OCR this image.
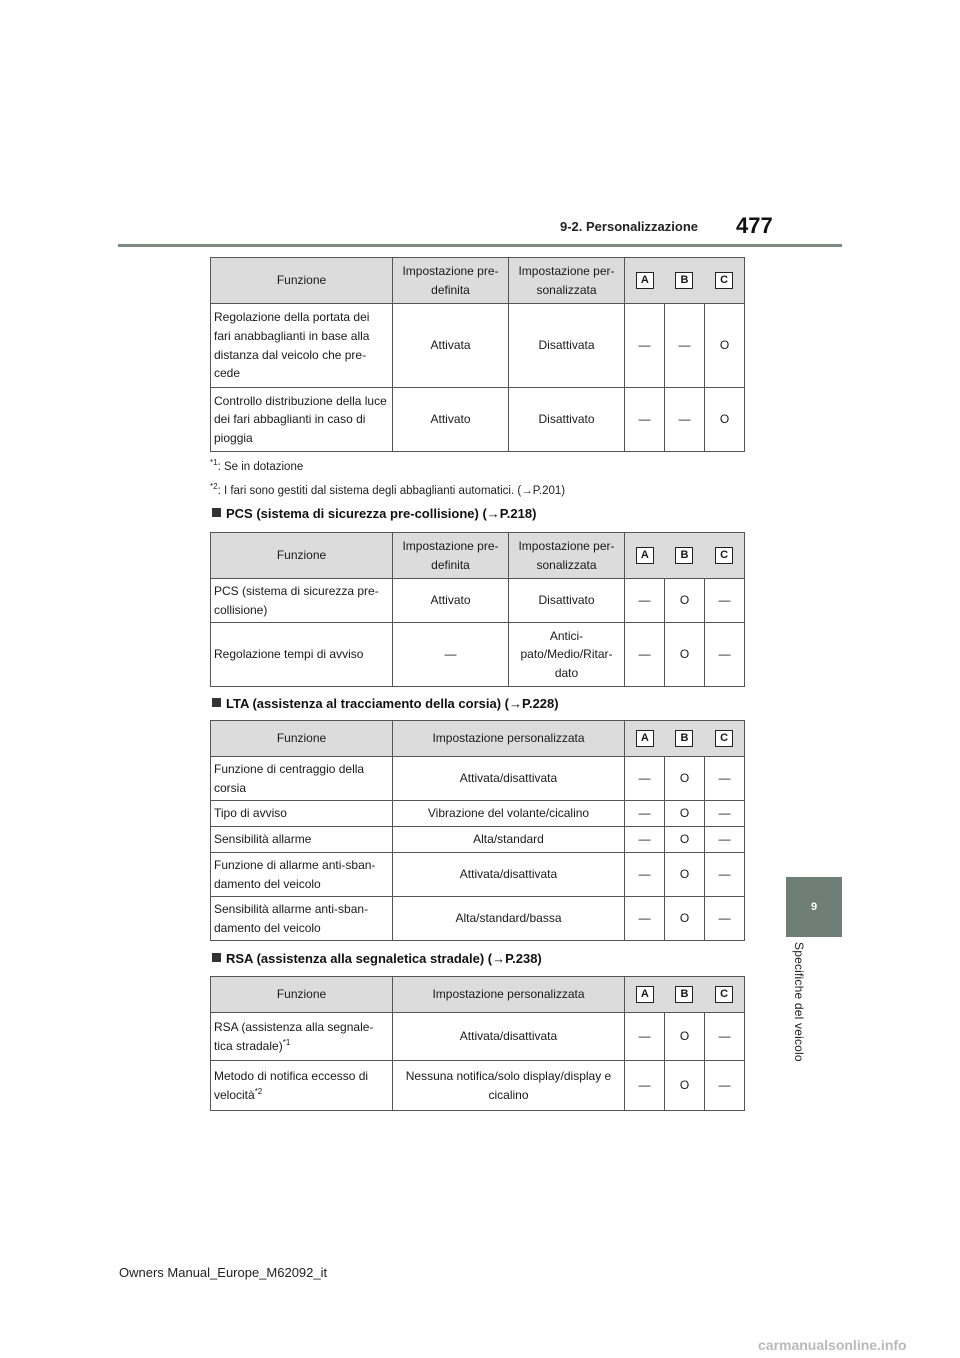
9-2. Personalizzazione 477
9
Specifiche del veicolo
Funzione	Impostazione pre-definita	Impostazione per-sonalizzata	A B C		

Regolazione della portata dei fari anabbaglianti in base alla distanza dal veicolo che pre-cede	Attivata	Disattivata	—	—	O
Controllo distribuzione della luce dei fari abbaglianti in caso di pioggia	Attivato	Disattivato	—	—	O
$^{*1}$: Se in dotazione
$^{*2}$: I fari sono gestiti dal sistema degli abbaglianti automatici. (→P.201)
PCS (sistema di sicurezza pre-collisione) (→P.218)
Funzione	Impostazione pre-definita	Impostazione per-sonalizzata	A B C		

PCS (sistema di sicurezza pre-collisione)	Attivato	Disattivato	—	O	—
Regolazione tempi di avviso	—	Antici-pato/Medio/Ritar-dato	—	O	—
LTA (assistenza al tracciamento della corsia) (→P.228)
Funzione	Impostazione personalizzata	A B C		

Funzione di centraggio della corsia	Attivata/disattivata	—	O	—
Tipo di avviso	Vibrazione del volante/cicalino	—	O	—
Sensibilità allarme	Alta/standard	—	O	—
Funzione di allarme anti-sban-damento del veicolo	Attivata/disattivata	—	O	—
Sensibilità allarme anti-sban-damento del veicolo	Alta/standard/bassa	—	O	—
RSA (assistenza alla segnaletica stradale) (→P.238)
Funzione	Impostazione personalizzata	A B C		

RSA (assistenza alla segnale-tica stradale)$^{*1}$	Attivata/disattivata	—	O	—
Metodo di notifica eccesso di velocità$^{*2}$	Nessuna notifica/solo display/display e cicalino	—	O	—
Owners Manual_Europe_M62092_it
carmanualsonline.info
